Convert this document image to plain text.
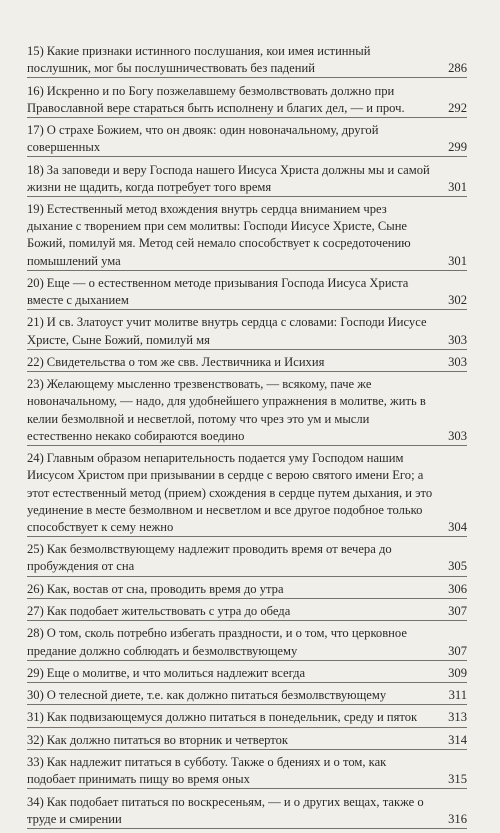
15) Какие признаки истинного послушания, кои имея истинный послушник, мог бы послушничествовать без падений	286
16) Искренно и по Богу позжелавшему безмолвствовать должно при Православной вере стараться быть исполнену и благих дел, — и проч.	292
17) О страхе Божием, что он двояк: один новоначальному, другой совершенных	299
18) За заповеди и веру Господа нашего Иисуса Христа должны мы и самой жизни не щадить, когда потребует того время	301
19) Естественный метод вхождения внутрь сердца вниманием чрез дыхание с творением при сем молитвы: Господи Иисусе Христе, Сыне Божий, помилуй мя. Метод сей немало способствует к сосредоточению помышлений ума	301
20) Еще — о естественном методе призывания Господа Иисуса Христа вместе с дыханием	302
21) И св. Златоуст учит молитве внутрь сердца с словами: Господи Иисусе Христе, Сыне Божий, помилуй мя	303
22) Свидетельства о том же свв. Лествичника и Исихия	303
23) Желающему мысленно трезвенствовать, — всякому, паче же новоначальному, — надо, для удобнейшего упражнения в молитве, жить в келии безмолвной и несветлой, потому что чрез это ум и мысли естественно некако собираются воедино	303
24) Главным образом непарительность подается уму Господом нашим Иисусом Христом при призывании в сердце с верою святого имени Его; а этот естественный метод (прием) схождения в сердце путем дыхания, и это уединение в месте безмолвном и несветлом и все другое подобное только способствует к сему нежно	304
25) Как безмолвствующему надлежит проводить время от вечера до пробуждения от сна	305
26) Как, востав от сна, проводить время до утра	306
27) Как подобает жительствовать с утра до обеда	307
28) О том, сколь потребно избегать праздности, и о том, что церковное предание должно соблюдать и безмолвствующему	307
29) Еще о молитве, и что молиться надлежит всегда	309
30) О телесной диете, т.е. как должно питаться безмолвствующему	311
31) Как подвизающемуся должно питаться в понедельник, среду и пяток	313
32) Как должно питаться во вторник и четверток	314
33) Как надлежит питаться в субботу. Также о бдениях и о том, как подобает принимать пищу во время оных	315
34) Как подобает питаться по воскресеньям, — и о других вещах, также о труде и смирении	316
